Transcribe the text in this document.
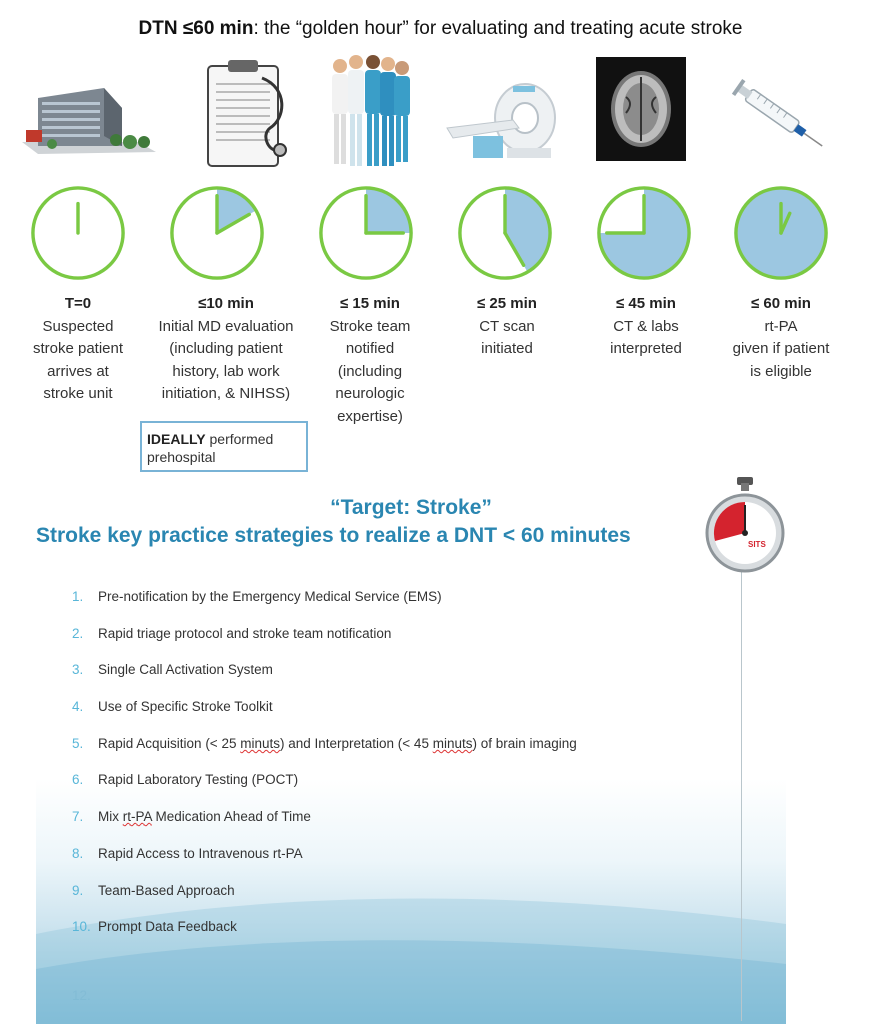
DTN ≤60 min: the “golden hour” for evaluating and treating acute stroke
T=0
Suspected
stroke patient
arrives at
stroke unit
≤10 min
Initial MD evaluation
(including patient
history, lab work
initiation, & NIHSS)
≤ 15 min
Stroke team
notified
(including
neurologic
expertise)
≤ 25 min
CT scan
initiated
≤ 45 min
CT & labs
interpreted
≤ 60 min
rt-PA
given if patient
is eligible
IDEALLY performed
prehospital
“Target: Stroke”
Stroke key practice strategies to realize a DNT < 60 minutes	SITS
1. Pre-notification by the Emergency Medical Service (EMS)
2. Rapid triage protocol and stroke team notification
3. Single Call Activation System
4. Use of Specific Stroke Toolkit
5. Rapid Acquisition (< 25 minuts) and Interpretation (< 45 minuts) of brain imaging
6. Rapid Laboratory Testing (POCT)
7. Mix rt-PA Medication Ahead of Time
8. Rapid Access to Intravenous rt-PA
9. Team-Based Approach
10. Prompt Data Feedback
12.
